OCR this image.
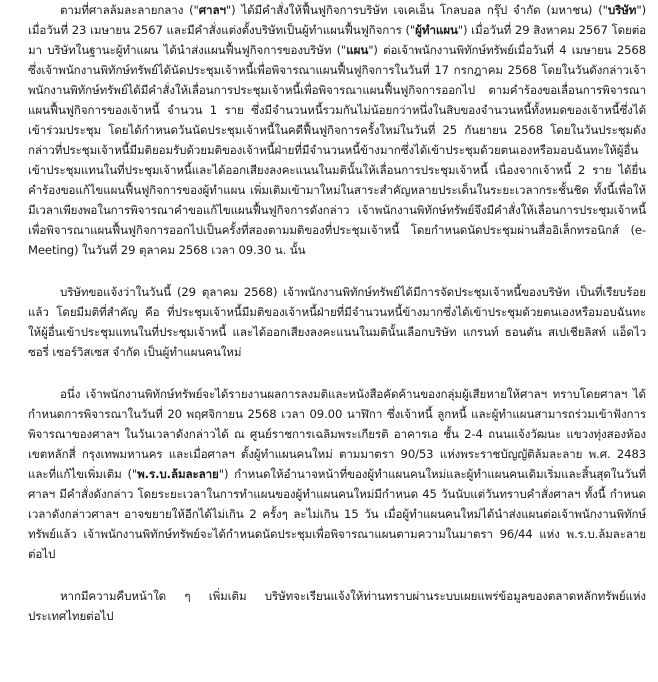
ตามที่ศาลล้มละลายกลาง ("ศาลฯ") ได้มีคำสั่งให้ฟื้นฟูกิจการบริษัท เจเคเอ็น โกลบอล กรุ๊ป จำกัด (มหาชน) ("บริษัท") เมื่อวันที่ 23 เมษายน 2567 และมีคำสั่งแต่งตั้งบริษัทเป็นผู้ทำแผนฟื้นฟูกิจการ ("ผู้ทำแผน") เมื่อวันที่ 29 สิงหาคม 2567 โดยต่อมา บริษัทในฐานะผู้ทำแผน ได้นำส่งแผนฟื้นฟูกิจการของบริษัท ("แผน") ต่อเจ้าพนักงานพิทักษ์ทรัพย์เมื่อวันที่ 4 เมษายน 2568 ซึ่งเจ้าพนักงานพิทักษ์ทรัพย์ได้นัดประชุมเจ้าหนี้เพื่อพิจารณาแผนฟื้นฟูกิจการในวันที่ 17 กรกฎาคม 2568 โดยในวันดังกล่าวเจ้าพนักงานพิทักษ์ทรัพย์ได้มีคำสั่งให้เลื่อนการประชุมเจ้าหนี้เพื่อพิจารณาแผนฟื้นฟูกิจการออกไป ตามคำร้องขอเลื่อนการพิจารณาแผนฟื้นฟูกิจการของเจ้าหนี้ จำนวน 1 ราย ซึ่งมีจำนวนหนี้รวมกันไม่น้อยกว่าหนึ่งในสิบของจำนวนหนี้ทั้งหมดของเจ้าหนี้ซึ่งได้เข้าร่วมประชุม โดยได้กำหนดวันนัดประชุมเจ้าหนี้ในคดีฟื้นฟูกิจการครั้งใหม่ในวันที่ 25 กันยายน 2568 โดยในวันประชุมดังกล่าวที่ประชุมเจ้าหนี้มีมติยอมรับด้วยมติของเจ้าหนี้ฝ่ายที่มีจำนวนหนี้ข้างมากซึ่งได้เข้าประชุมด้วยตนเองหรือมอบฉันทะให้ผู้อื่นเข้าประชุมแทนในที่ประชุมเจ้าหนี้และได้ออกเสียงลงคะแนนในมตินั้นให้เลื่อนการประชุมเจ้าหนี้ เนื่องจากเจ้าหนี้ 2 ราย ได้ยื่นคำร้องขอแก้ไขแผนฟื้นฟูกิจการของผู้ทำแผน เพิ่มเติมเข้ามาใหม่ในสาระสำคัญหลายประเด็นในระยะเวลากระชั้นชิด ทั้งนี้เพื่อให้มีเวลาเพียงพอในการพิจารณาคำขอแก้ไขแผนฟื้นฟูกิจการดังกล่าว เจ้าพนักงานพิทักษ์ทรัพย์จึงมีคำสั่งให้เลื่อนการประชุมเจ้าหนี้เพื่อพิจารณาแผนฟื้นฟูกิจการออกไปเป็นครั้งที่สองตามมติของที่ประชุมเจ้าหนี้ โดยกำหนดนัดประชุมผ่านสื่ออิเล็กทรอนิกส์ (e-Meeting) ในวันที่ 29 ตุลาคม 2568 เวลา 09.30 น. นั้น

บริษัทขอแจ้งว่าในวันนี้ (29 ตุลาคม 2568) เจ้าพนักงานพิทักษ์ทรัพย์ได้มีการจัดประชุมเจ้าหนี้ของบริษัท เป็นที่เรียบร้อยแล้ว โดยมีมติที่สำคัญ คือ ที่ประชุมเจ้าหนี้มีมติของเจ้าหนี้ฝ่ายที่มีจำนวนหนี้ข้างมากซึ่งได้เข้าประชุมด้วยตนเองหรือมอบฉันทะให้ผู้อื่นเข้าประชุมแทนในที่ประชุมเจ้าหนี้ และได้ออกเสียงลงคะแนนในมตินั้นเลือกบริษัท แกรนท์ ธอนตัน สเปเชียลิสท์ แอ็ดไวซอรี่ เซอร์วิสเซส จำกัด เป็นผู้ทำแผนคนใหม่

อนึ่ง เจ้าพนักงานพิทักษ์ทรัพย์จะได้รายงานผลการลงมติและหนังสือคัดค้านของกลุ่มผู้เสียหายให้ศาลฯ ทราบโดยศาลฯ ได้กำหนดการพิจารณาในวันที่ 20 พฤศจิกายน 2568 เวลา 09.00 นาฬิกา ซึ่งเจ้าหนี้ ลูกหนี้ และผู้ทำแผนสามารถร่วมเข้าฟังการพิจารณาของศาลฯ ในวันเวลาดังกล่าวได้ ณ ศูนย์ราชการเฉลิมพระเกียรติ อาคารเอ ชั้น 2-4 ถนนแจ้งวัฒนะ แขวงทุ่งสองห้อง เขตหลักสี่ กรุงเทพมหานคร และเมื่อศาลฯ ตั้งผู้ทำแผนคนใหม่ ตามมาตรา 90/53 แห่งพระราชบัญญัติล้มละลาย พ.ศ. 2483 และที่แก้ไขเพิ่มเติม ("พ.ร.บ.ล้มละลาย") กำหนดให้อำนาจหน้าที่ของผู้ทำแผนคนใหม่และผู้ทำแผนคนเดิมเริ่มและสิ้นสุดในวันที่ศาลฯ มีคำสั่งดังกล่าว โดยระยะเวลาในการทำแผนของผู้ทำแผนคนใหม่มีกำหนด 45 วันนับแต่วันทราบคำสั่งศาลฯ ทั้งนี้ กำหนดเวลาดังกล่าวศาลฯ อาจขยายให้อีกได้ไม่เกิน 2 ครั้งๆ ละไม่เกิน 15 วัน เมื่อผู้ทำแผนคนใหม่ได้นำส่งแผนต่อเจ้าพนักงานพิทักษ์ทรัพย์แล้ว เจ้าพนักงานพิทักษ์ทรัพย์จะได้กำหนดนัดประชุมเพื่อพิจารณาแผนตามความในมาตรา 96/44 แห่ง พ.ร.บ.ล้มละลาย ต่อไป

หากมีความคืบหน้าใด ๆ เพิ่มเติม บริษัทจะเรียนแจ้งให้ท่านทราบผ่านระบบเผยแพร่ข้อมูลของตลาดหลักทรัพย์แห่งประเทศไทยต่อไป
